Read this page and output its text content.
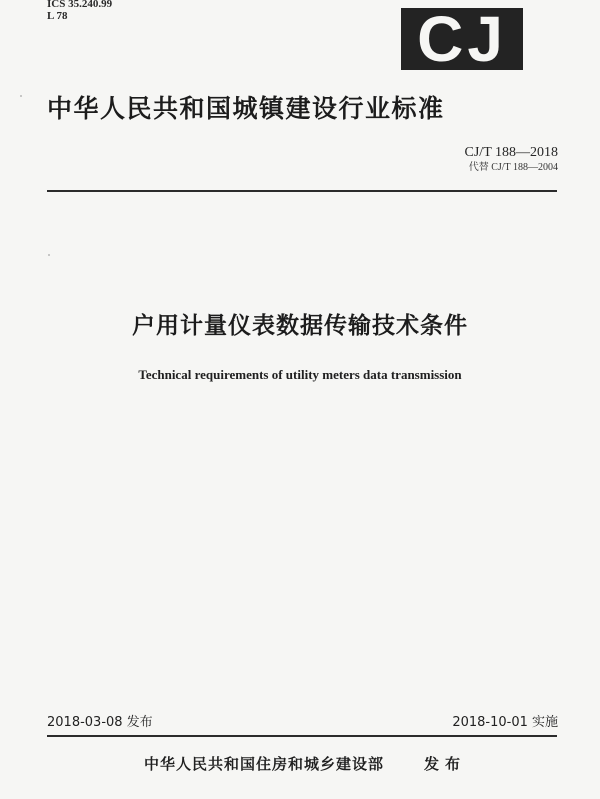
ICS 35.240.99
L 78	CJ
中华人民共和国城镇建设行业标准
CJ/T 188—2018
代替 CJ/T 188—2004
户用计量仪表数据传输技术条件
Technical requirements of utility meters data transmission
2018-03-08 发布	2018-10-01 实施
中华人民共和国住房和城乡建设部	发布
